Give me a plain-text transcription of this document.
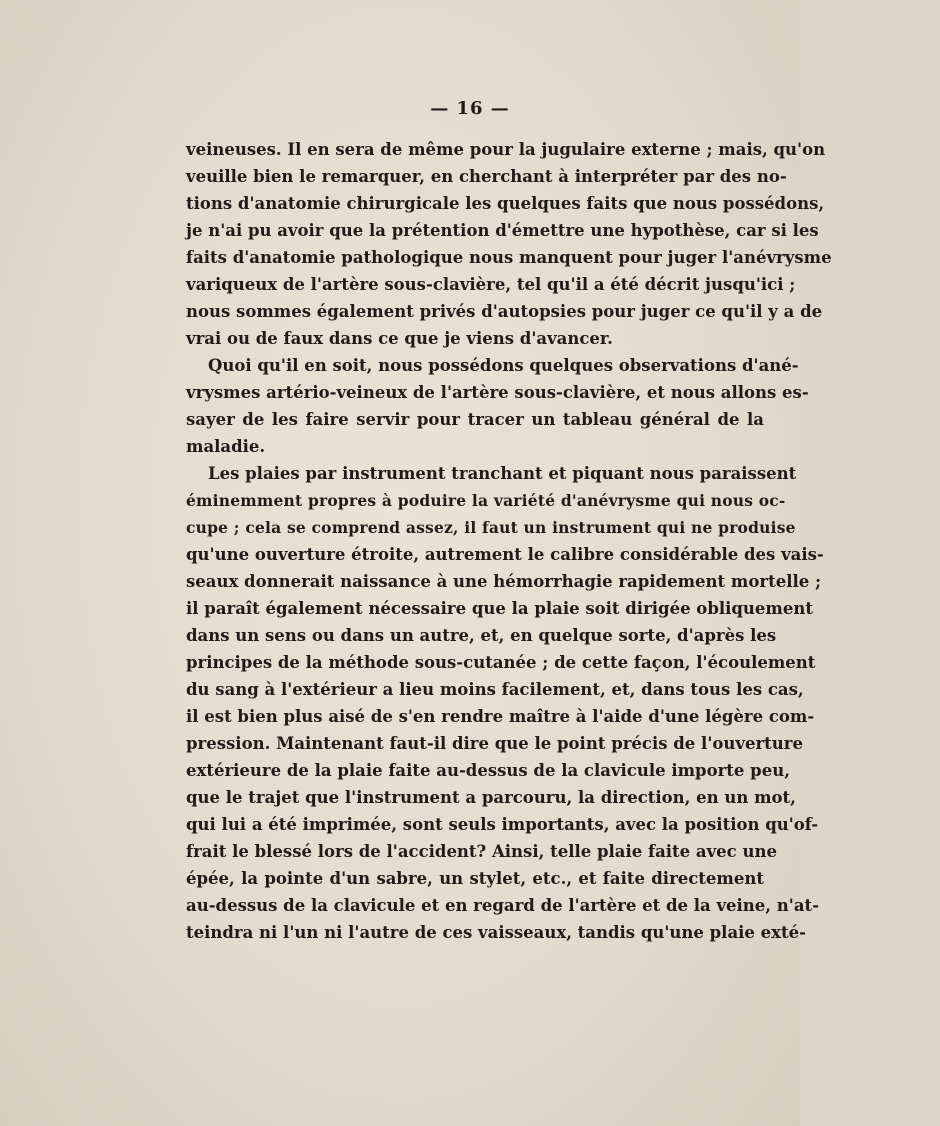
— 16 —
veineuses. Il en sera de même pour la jugulaire externe ; mais, qu'on
veuille bien le remarquer, en cherchant à interpréter par des no-
tions d'anatomie chirurgicale les quelques faits que nous possédons,
je n'ai pu avoir que la prétention d'émettre une hypothèse, car si les
faits d'anatomie pathologique nous manquent pour juger l'anévrysme
variqueux de l'artère sous-clavière, tel qu'il a été décrit jusqu'ici ;
nous sommes également privés d'autopsies pour juger ce qu'il y a de
vrai ou de faux dans ce que je viens d'avancer.
Quoi qu'il en soit, nous possédons quelques observations d'ané-
vrysmes artério-veineux de l'artère sous-clavière, et nous allons es-
sayer de les faire servir pour tracer un tableau général de la
maladie.
Les plaies par instrument tranchant et piquant nous paraissent
éminemment propres à poduire la variété d'anévrysme qui nous oc-
cupe ; cela se comprend assez, il faut un instrument qui ne produise
qu'une ouverture étroite, autrement le calibre considérable des vais-
seaux donnerait naissance à une hémorrhagie rapidement mortelle ;
il paraît également nécessaire que la plaie soit dirigée obliquement
dans un sens ou dans un autre, et, en quelque sorte, d'après les
principes de la méthode sous-cutanée ; de cette façon, l'écoulement
du sang à l'extérieur a lieu moins facilement, et, dans tous les cas,
il est bien plus aisé de s'en rendre maître à l'aide d'une légère com-
pression. Maintenant faut-il dire que le point précis de l'ouverture
extérieure de la plaie faite au-dessus de la clavicule importe peu,
que le trajet que l'instrument a parcouru, la direction, en un mot,
qui lui a été imprimée, sont seuls importants, avec la position qu'of-
frait le blessé lors de l'accident? Ainsi, telle plaie faite avec une
épée, la pointe d'un sabre, un stylet, etc., et faite directement
au-dessus de la clavicule et en regard de l'artère et de la veine, n'at-
teindra ni l'un ni l'autre de ces vaisseaux, tandis qu'une plaie exté-
